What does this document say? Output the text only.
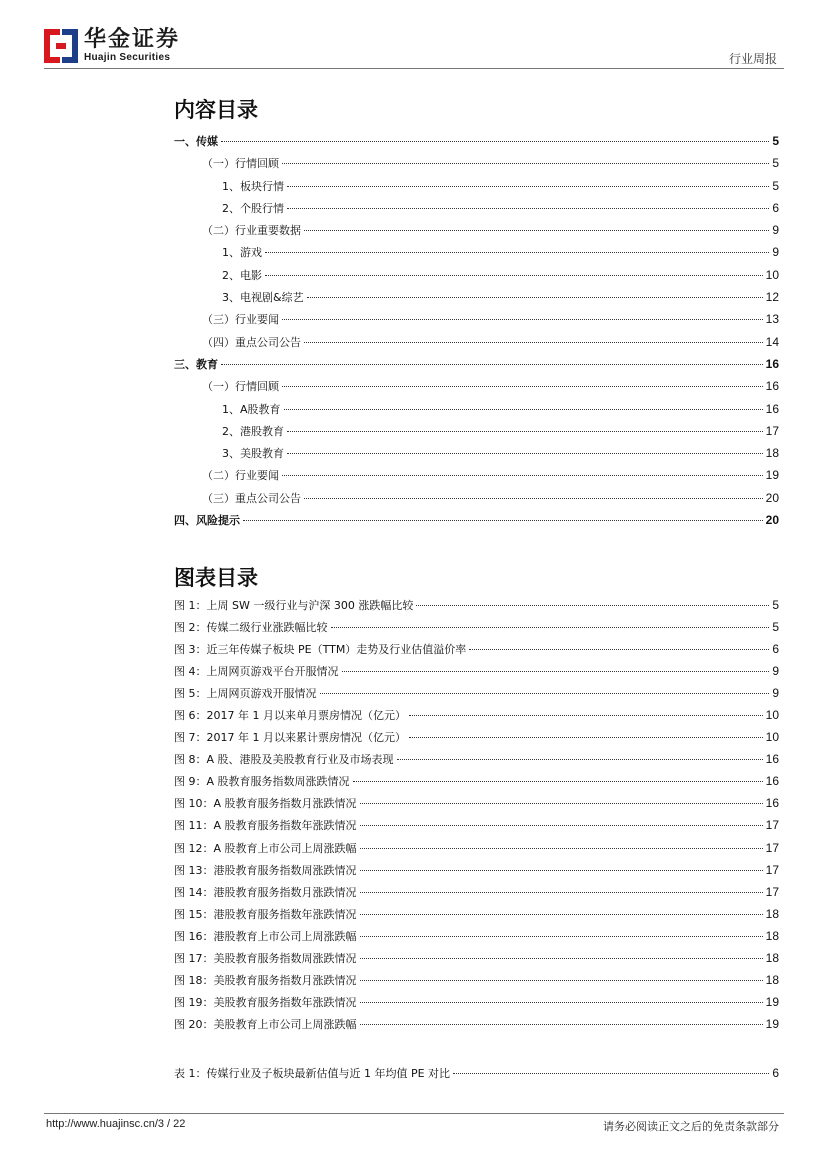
华金证券
Huajin Securities	行业周报
内容目录
一、传媒	5
（一）行情回顾	5
1、板块行情	5
2、个股行情	6
（二）行业重要数据	9
1、游戏	9
2、电影	10
3、电视剧&综艺	12
（三）行业要闻	13
（四）重点公司公告	14
三、教育	16
（一）行情回顾	16
1、A股教育	16
2、港股教育	17
3、美股教育	18
（二）行业要闻	19
（三）重点公司公告	20
四、风险提示	20
图表目录
图 1：上周 SW 一级行业与沪深 300 涨跌幅比较	5
图 2：传媒二级行业涨跌幅比较	5
图 3：近三年传媒子板块 PE（TTM）走势及行业估值溢价率	6
图 4：上周网页游戏平台开服情况	9
图 5：上周网页游戏开服情况	9
图 6：2017 年 1 月以来单月票房情况（亿元）	10
图 7：2017 年 1 月以来累计票房情况（亿元）	10
图 8：A 股、港股及美股教育行业及市场表现	16
图 9：A 股教育服务指数周涨跌情况	16
图 10：A 股教育服务指数月涨跌情况	16
图 11：A 股教育服务指数年涨跌情况	17
图 12：A 股教育上市公司上周涨跌幅	17
图 13：港股教育服务指数周涨跌情况	17
图 14：港股教育服务指数月涨跌情况	17
图 15：港股教育服务指数年涨跌情况	18
图 16：港股教育上市公司上周涨跌幅	18
图 17：美股教育服务指数周涨跌情况	18
图 18：美股教育服务指数月涨跌情况	18
图 19：美股教育服务指数年涨跌情况	19
图 20：美股教育上市公司上周涨跌幅	19
表 1：传媒行业及子板块最新估值与近 1 年均值 PE 对比	6
http://www.huajinsc.cn/3 / 22	请务必阅读正文之后的免责条款部分
